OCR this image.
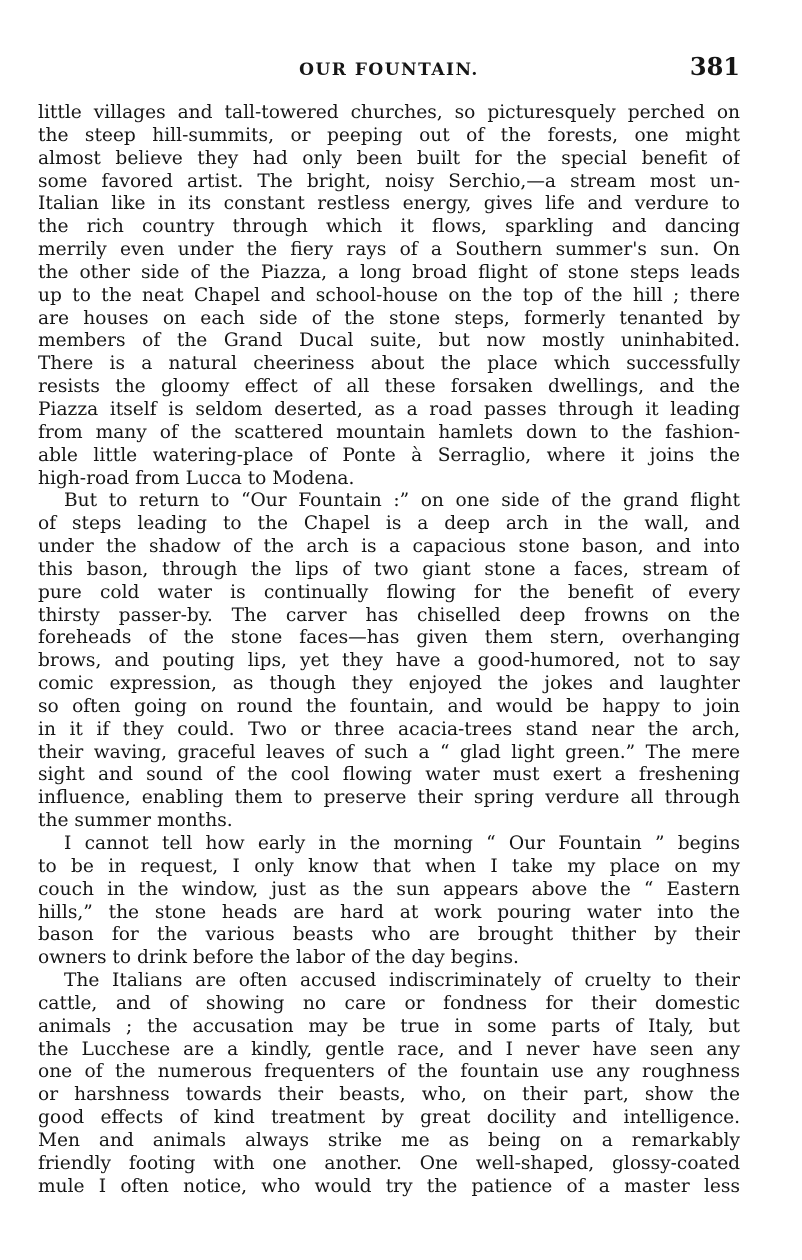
OUR FOUNTAIN.	381
little villages and tall-towered churches, so picturesquely perched on
the steep hill-summits, or peeping out of the forests, one might
almost believe they had only been built for the special benefit of
some favored artist. The bright, noisy Serchio,—a stream most un-
Italian like in its constant restless energy, gives life and verdure to
the rich country through which it flows, sparkling and dancing
merrily even under the fiery rays of a Southern summer's sun. On
the other side of the Piazza, a long broad flight of stone steps leads
up to the neat Chapel and school-house on the top of the hill ; there
are houses on each side of the stone steps, formerly tenanted by
members of the Grand Ducal suite, but now mostly uninhabited.
There is a natural cheeriness about the place which successfully
resists the gloomy effect of all these forsaken dwellings, and the
Piazza itself is seldom deserted, as a road passes through it leading
from many of the scattered mountain hamlets down to the fashion-
able little watering-place of Ponte à Serraglio, where it joins the
high-road from Lucca to Modena.
But to return to “Our Fountain :” on one side of the grand flight
of steps leading to the Chapel is a deep arch in the wall, and
under the shadow of the arch is a capacious stone bason, and into
this bason, through the lips of two giant stone a faces, stream of
pure cold water is continually flowing for the benefit of every
thirsty passer-by. The carver has chiselled deep frowns on the
foreheads of the stone faces—has given them stern, overhanging
brows, and pouting lips, yet they have a good-humored, not to say
comic expression, as though they enjoyed the jokes and laughter
so often going on round the fountain, and would be happy to join
in it if they could. Two or three acacia-trees stand near the arch,
their waving, graceful leaves of such a “ glad light green.” The mere
sight and sound of the cool flowing water must exert a freshening
influence, enabling them to preserve their spring verdure all through
the summer months.
I cannot tell how early in the morning “ Our Fountain ” begins
to be in request, I only know that when I take my place on my
couch in the window, just as the sun appears above the “ Eastern
hills,” the stone heads are hard at work pouring water into the
bason for the various beasts who are brought thither by their
owners to drink before the labor of the day begins.
The Italians are often accused indiscriminately of cruelty to their
cattle, and of showing no care or fondness for their domestic
animals ; the accusation may be true in some parts of Italy, but
the Lucchese are a kindly, gentle race, and I never have seen any
one of the numerous frequenters of the fountain use any roughness
or harshness towards their beasts, who, on their part, show the
good effects of kind treatment by great docility and intelligence.
Men and animals always strike me as being on a remarkably
friendly footing with one another. One well-shaped, glossy-coated
mule I often notice, who would try the patience of a master less
